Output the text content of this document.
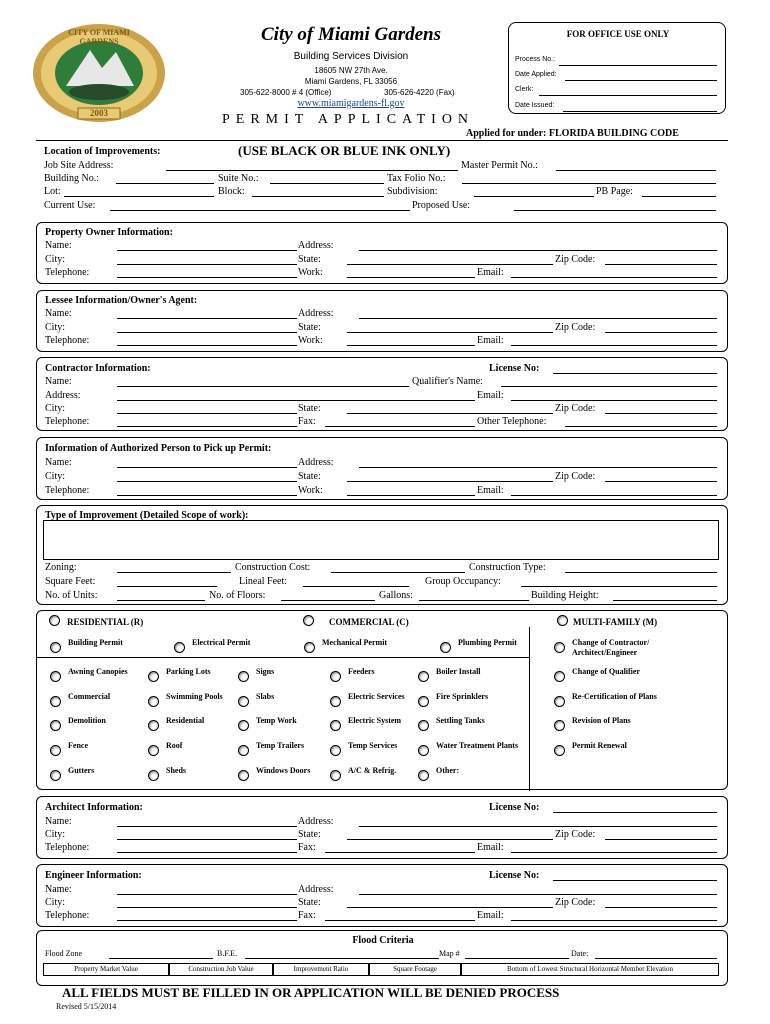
CITY OF MIAMI GARDENS
2003
City of Miami Gardens
Building Services Division
18605 NW 27th Ave.
Miami Gardens, FL 33056
305-622-8000 # 4 (Office)	305-626-4220 (Fax)
www.miamigardens-fl.gov
PERMIT APPLICATION
FOR OFFICE USE ONLY
Process No.:
Date Applied:
Clerk:
Date Issued:
Applied for under: FLORIDA BUILDING CODE
Location of Improvements:	(USE BLACK OR BLUE INK ONLY)
Job Site Address:	Master Permit No.:
Building No.:	Suite No.:	Tax Folio No.:
Lot:	Block:	Subdivision:	PB Page:
Current Use:	Proposed Use:
Property Owner Information:
Name:	Address:
City:	State:	Zip Code:
Telephone:	Work:	Email:
Lessee Information/Owner's Agent:
Name:	Address:
City:	State:	Zip Code:
Telephone:	Work:	Email:
Contractor Information:	License No:
Name:	Qualifier's Name:
Address:	Email:
City:	State:	Zip Code:
Telephone:	Fax:	Other Telephone:
Information of Authorized Person to Pick up Permit:
Name:	Address:
City:	State:	Zip Code:
Telephone:	Work:	Email:
Type of Improvement (Detailed Scope of work):
Zoning:	Construction Cost:	Construction Type:
Square Feet:	Lineal Feet:	Group Occupancy:
No. of Units:	No. of Floors:	Gallons:	Building Height:
RESIDENTIAL (R)	COMMERCIAL (C)	MULTI-FAMILY (M)
Building Permit	Electrical Permit	Mechanical Permit	Plumbing Permit	Change of Contractor/ Architect/Engineer
Awning Canopies	Parking Lots	Signs	Feeders	Boiler Install	Change of Qualifier
Commercial	Swimming Pools	Slabs	Electric Services	Fire Sprinklers	Re-Certification of Plans
Demolition	Residential	Temp Work	Electric System	Settling Tanks	Revision of Plans
Fence	Roof	Temp Trailers	Temp Services	Water Treatment Plants	Permit Renewal
Gutters	Sheds	Windows Doors	A/C & Refrig.	Other:
Architect Information:	License No:
Name:	Address:
City:	State:	Zip Code:
Telephone:	Fax:	Email:
Engineer Information:	License No:
Name:	Address:
City:	State:	Zip Code:
Telephone:	Fax:	Email:
Flood Criteria
Flood Zone	B.F.E.	Map #	Date:
Property Market Value	Construction Job Value	Improvement Ratio	Square Footage	Bottom of Lowest Structural Horizontal Member Elevation
ALL FIELDS MUST BE FILLED IN OR APPLICATION WILL BE DENIED PROCESS
Revised 5/15/2014
